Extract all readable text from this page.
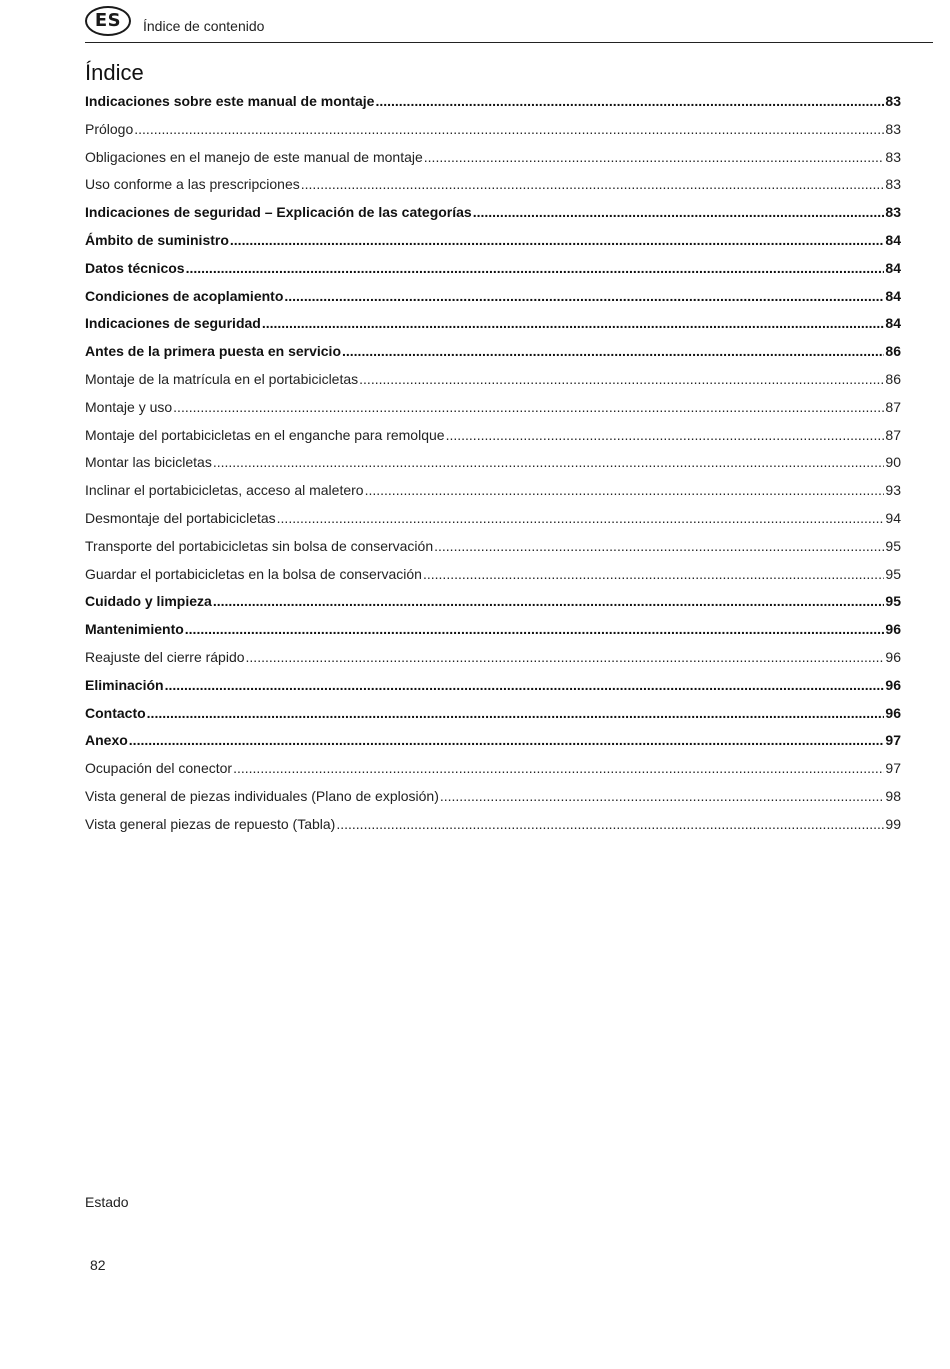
ES	Índice de contenido
Índice
Indicaciones sobre este manual de montaje .....	83
Prólogo .....	83
Obligaciones en el manejo de este manual de montaje .....	83
Uso conforme a las prescripciones .....	83
Indicaciones de seguridad – Explicación de las categorías .....	83
Ámbito de suministro .....	84
Datos técnicos .....	84
Condiciones de acoplamiento .....	84
Indicaciones de seguridad .....	84
Antes de la primera puesta en servicio .....	86
Montaje de la matrícula en el portabicicletas .....	86
Montaje y uso .....	87
Montaje del portabicicletas en el enganche para remolque .....	87
Montar las bicicletas .....	90
Inclinar el portabicicletas, acceso al maletero .....	93
Desmontaje del portabicicletas .....	94
Transporte del portabicicletas sin bolsa de conservación .....	95
Guardar el portabicicletas en la bolsa de conservación .....	95
Cuidado y limpieza .....	95
Mantenimiento .....	96
Reajuste del cierre rápido .....	96
Eliminación .....	96
Contacto .....	96
Anexo .....	97
Ocupación del conector .....	97
Vista general de piezas individuales (Plano de explosión) .....	98
Vista general piezas de repuesto (Tabla) .....	99
Estado
82
